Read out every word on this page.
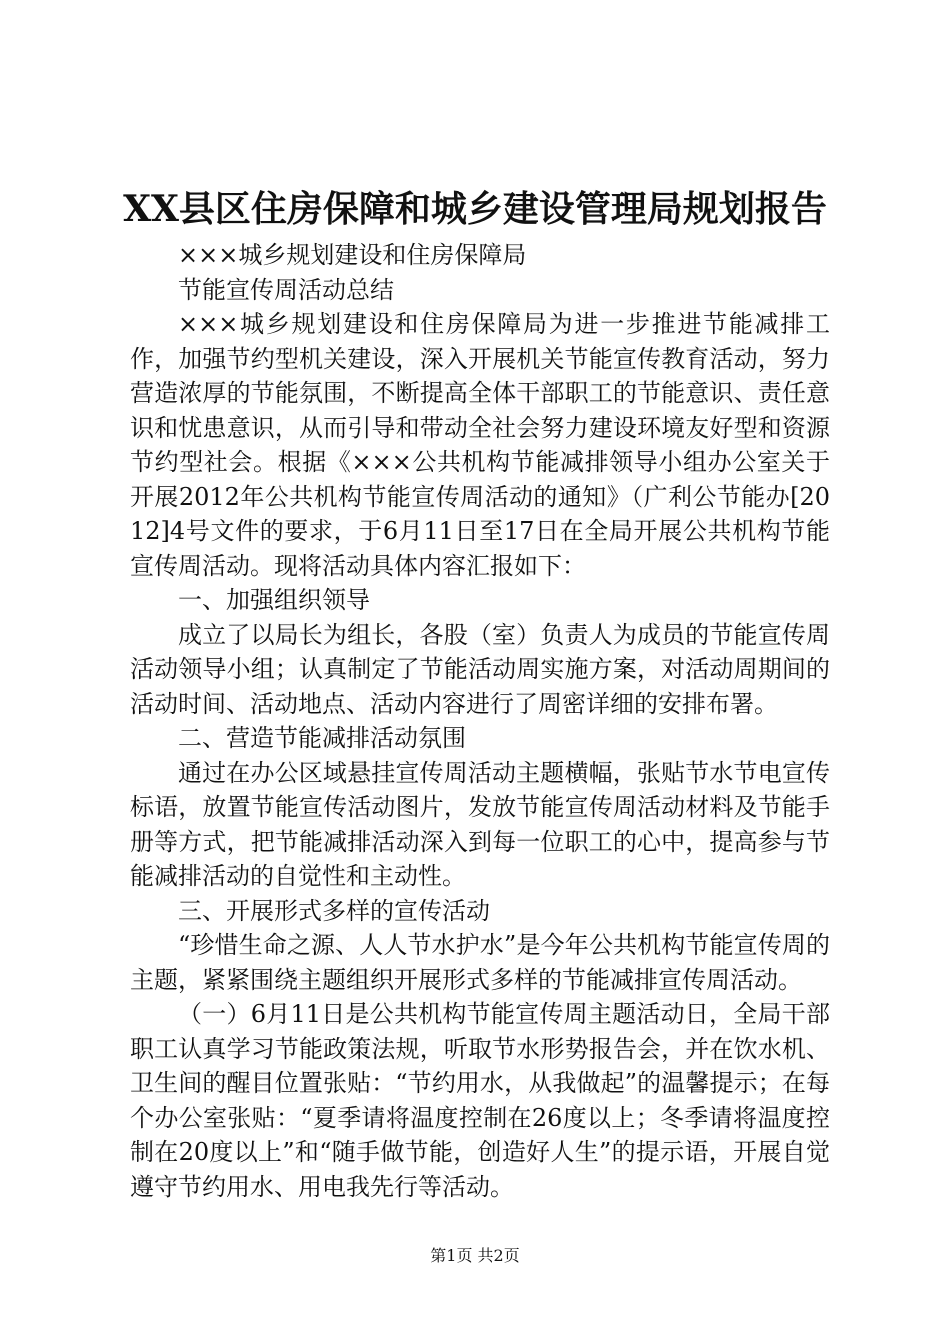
XX县区住房保障和城乡建设管理局规划报告

×××城乡规划建设和住房保障局

节能宣传周活动总结

×××城乡规划建设和住房保障局为进一步推进节能减排工作，加强节约型机关建设，深入开展机关节能宣传教育活动，努力营造浓厚的节能氛围，不断提高全体干部职工的节能意识、责任意识和忧患意识，从而引导和带动全社会努力建设环境友好型和资源节约型社会。根据《×××公共机构节能减排领导小组办公室关于开展2012年公共机构节能宣传周活动的通知》（广利公节能办[2012]4号文件的要求，于6月11日至17日在全局开展公共机构节能宣传周活动。现将活动具体内容汇报如下：

一、加强组织领导

成立了以局长为组长，各股（室）负责人为成员的节能宣传周活动领导小组；认真制定了节能活动周实施方案，对活动周期间的活动时间、活动地点、活动内容进行了周密详细的安排布署。

二、营造节能减排活动氛围

通过在办公区域悬挂宣传周活动主题横幅，张贴节水节电宣传标语，放置节能宣传活动图片，发放节能宣传周活动材料及节能手册等方式，把节能减排活动深入到每一位职工的心中，提高参与节能减排活动的自觉性和主动性。

三、开展形式多样的宣传活动

“珍惜生命之源、人人节水护水”是今年公共机构节能宣传周的主题，紧紧围绕主题组织开展形式多样的节能减排宣传周活动。

（一）6月11日是公共机构节能宣传周主题活动日，全局干部职工认真学习节能政策法规，听取节水形势报告会，并在饮水机、卫生间的醒目位置张贴：“节约用水，从我做起”的温馨提示；在每个办公室张贴：“夏季请将温度控制在26度以上；冬季请将温度控制在20度以上”和“随手做节能，创造好人生”的提示语，开展自觉遵守节约用水、用电我先行等活动。

第1页 共2页
